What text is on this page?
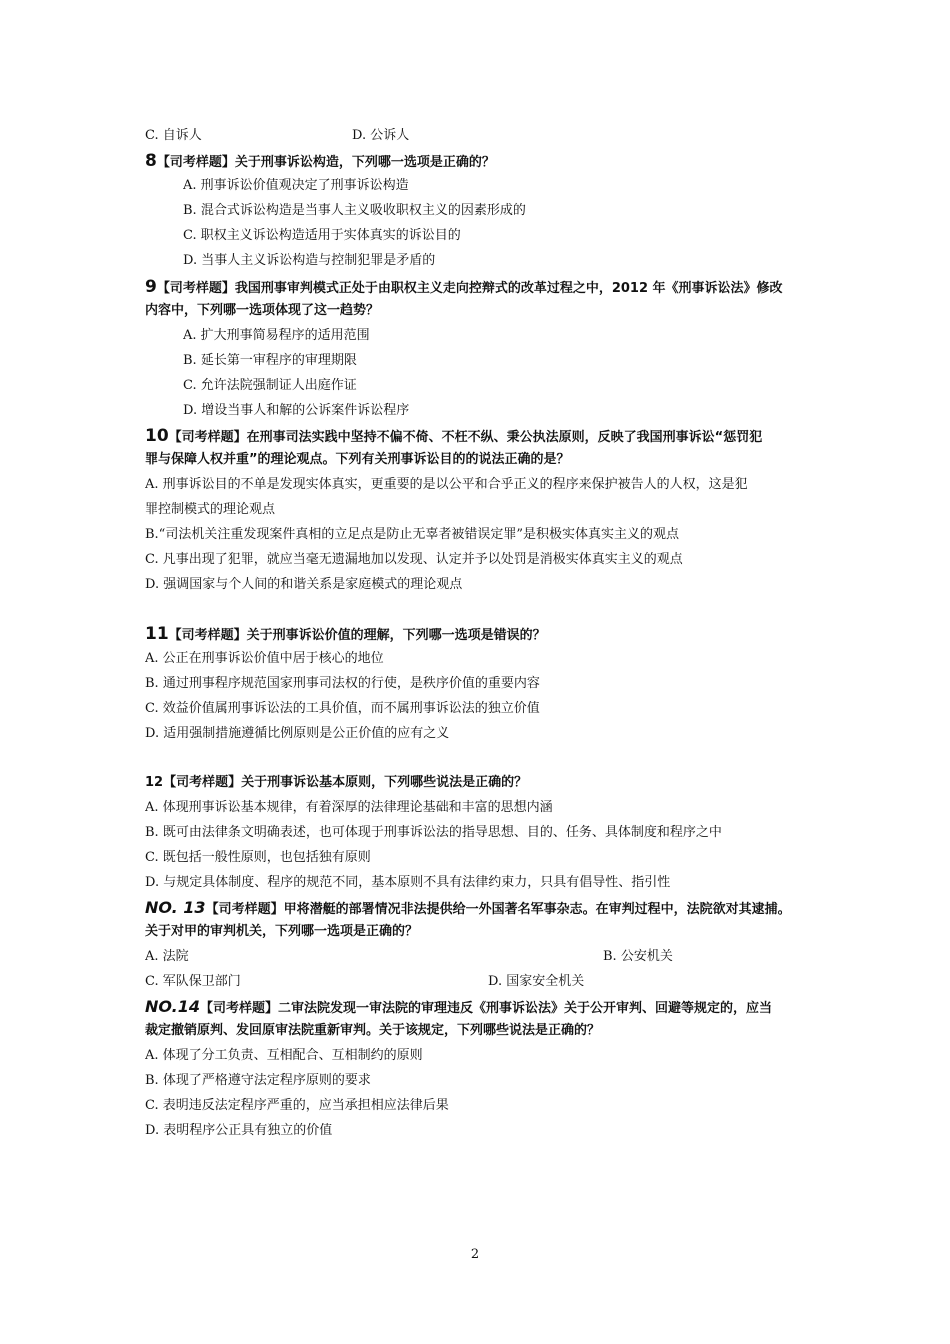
C. 自诉人	D. 公诉人
8【司考样题】关于刑事诉讼构造，下列哪一选项是正确的？
A. 刑事诉讼价值观决定了刑事诉讼构造
B. 混合式诉讼构造是当事人主义吸收职权主义的因素形成的
C. 职权主义诉讼构造适用于实体真实的诉讼目的
D. 当事人主义诉讼构造与控制犯罪是矛盾的
9【司考样题】我国刑事审判模式正处于由职权主义走向控辩式的改革过程之中，2012 年《刑事诉讼法》修改
内容中，下列哪一选项体现了这一趋势？
A. 扩大刑事简易程序的适用范围
B. 延长第一审程序的审理期限
C. 允许法院强制证人出庭作证
D. 增设当事人和解的公诉案件诉讼程序
10【司考样题】在刑事司法实践中坚持不偏不倚、不枉不纵、秉公执法原则，反映了我国刑事诉讼“惩罚犯
罪与保障人权并重”的理论观点。下列有关刑事诉讼目的的说法正确的是？
A. 刑事诉讼目的不单是发现实体真实，更重要的是以公平和合乎正义的程序来保护被告人的人权，这是犯
罪控制模式的理论观点
B.“司法机关注重发现案件真相的立足点是防止无辜者被错误定罪”是积极实体真实主义的观点
C. 凡事出现了犯罪，就应当毫无遗漏地加以发现、认定并予以处罚是消极实体真实主义的观点
D. 强调国家与个人间的和谐关系是家庭模式的理论观点
11【司考样题】关于刑事诉讼价值的理解，下列哪一选项是错误的？
A. 公正在刑事诉讼价值中居于核心的地位
B. 通过刑事程序规范国家刑事司法权的行使，是秩序价值的重要内容
C. 效益价值属刑事诉讼法的工具价值，而不属刑事诉讼法的独立价值
D. 适用强制措施遵循比例原则是公正价值的应有之义
12【司考样题】关于刑事诉讼基本原则，下列哪些说法是正确的？
A. 体现刑事诉讼基本规律，有着深厚的法律理论基础和丰富的思想内涵
B. 既可由法律条文明确表述，也可体现于刑事诉讼法的指导思想、目的、任务、具体制度和程序之中
C. 既包括一般性原则，也包括独有原则
D. 与规定具体制度、程序的规范不同，基本原则不具有法律约束力，只具有倡导性、指引性
NO. 13【司考样题】甲将潜艇的部署情况非法提供给一外国著名军事杂志。在审判过程中，法院欲对其逮捕。
关于对甲的审判机关，下列哪一选项是正确的？
A. 法院	B. 公安机关
C. 军队保卫部门	D. 国家安全机关
NO.14【司考样题】二审法院发现一审法院的审理违反《刑事诉讼法》关于公开审判、回避等规定的，应当
裁定撤销原判、发回原审法院重新审判。关于该规定，下列哪些说法是正确的？
A. 体现了分工负责、互相配合、互相制约的原则
B. 体现了严格遵守法定程序原则的要求
C. 表明违反法定程序严重的，应当承担相应法律后果
D. 表明程序公正具有独立的价值
2
